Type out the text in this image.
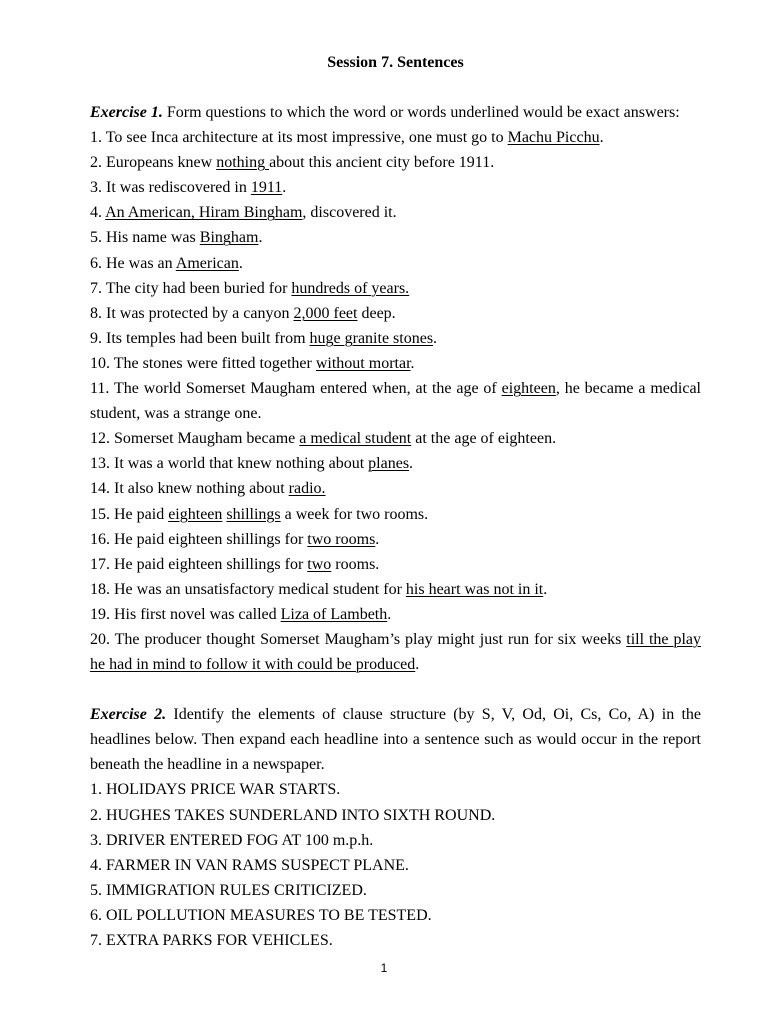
Session 7. Sentences

Exercise 1. Form questions to which the word or words underlined would be exact answers:

1. To see Inca architecture at its most impressive, one must go to Machu Picchu.

2. Europeans knew nothing about this ancient city before 1911.

3. It was rediscovered in 1911.

4. An American, Hiram Bingham, discovered it.

5. His name was Bingham.

6. He was an American.

7. The city had been buried for hundreds of years.

8. It was protected by a canyon 2,000 feet deep.

9. Its temples had been built from huge granite stones.

10. The stones were fitted together without mortar.

11. The world Somerset Maugham entered when, at the age of eighteen, he became a medical student, was a strange one.

12. Somerset Maugham became a medical student at the age of eighteen.

13. It was a world that knew nothing about planes.

14. It also knew nothing about radio.

15. He paid eighteen shillings a week for two rooms.

16. He paid eighteen shillings for two rooms.

17. He paid eighteen shillings for two rooms.

18. He was an unsatisfactory medical student for his heart was not in it.

19. His first novel was called Liza of Lambeth.

20. The producer thought Somerset Maugham’s play might just run for six weeks till the play he had in mind to follow it with could be produced.

Exercise 2. Identify the elements of clause structure (by S, V, Od, Oi, Cs, Co, A) in the headlines below. Then expand each headline into a sentence such as would occur in the report beneath the headline in a newspaper.

1. HOLIDAYS PRICE WAR STARTS.

2. HUGHES TAKES SUNDERLAND INTO SIXTH ROUND.

3. DRIVER ENTERED FOG AT 100 m.p.h.

4. FARMER IN VAN RAMS SUSPECT PLANE.

5. IMMIGRATION RULES CRITICIZED.

6. OIL POLLUTION MEASURES TO BE TESTED.

7. EXTRA PARKS FOR VEHICLES.

1
